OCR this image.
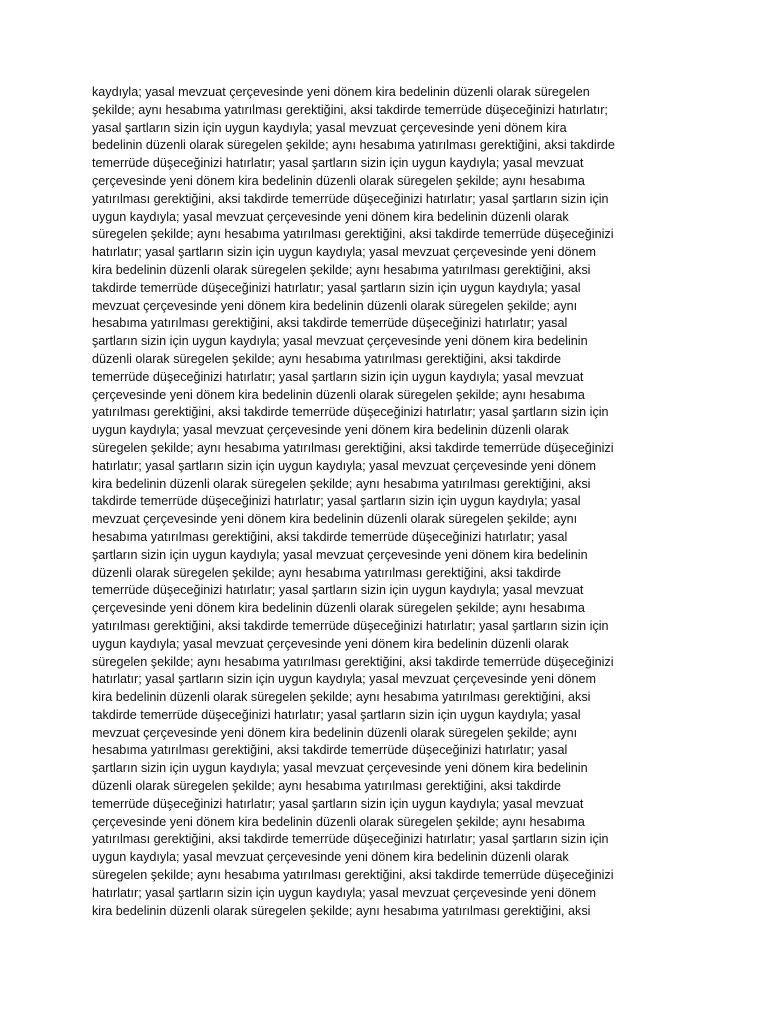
kaydıyla; yasal mevzuat çerçevesinde yeni dönem kira bedelinin düzenli olarak süregelen
şekilde; aynı hesabıma yatırılması gerektiğini, aksi takdirde temerrüde düşeceğinizi hatırlatır;
yasal şartların sizin için uygun kaydıyla; yasal mevzuat çerçevesinde yeni dönem kira
bedelinin düzenli olarak süregelen şekilde; aynı hesabıma yatırılması gerektiğini, aksi takdirde
temerrüde düşeceğinizi hatırlatır; yasal şartların sizin için uygun kaydıyla; yasal mevzuat
çerçevesinde yeni dönem kira bedelinin düzenli olarak süregelen şekilde; aynı hesabıma
yatırılması gerektiğini, aksi takdirde temerrüde düşeceğinizi hatırlatır; yasal şartların sizin için
uygun kaydıyla; yasal mevzuat çerçevesinde yeni dönem kira bedelinin düzenli olarak
süregelen şekilde; aynı hesabıma yatırılması gerektiğini, aksi takdirde temerrüde düşeceğinizi
hatırlatır; yasal şartların sizin için uygun kaydıyla; yasal mevzuat çerçevesinde yeni dönem
kira bedelinin düzenli olarak süregelen şekilde; aynı hesabıma yatırılması gerektiğini, aksi
takdirde temerrüde düşeceğinizi hatırlatır; yasal şartların sizin için uygun kaydıyla; yasal
mevzuat çerçevesinde yeni dönem kira bedelinin düzenli olarak süregelen şekilde; aynı
hesabıma yatırılması gerektiğini, aksi takdirde temerrüde düşeceğinizi hatırlatır; yasal
şartların sizin için uygun kaydıyla; yasal mevzuat çerçevesinde yeni dönem kira bedelinin
düzenli olarak süregelen şekilde; aynı hesabıma yatırılması gerektiğini, aksi takdirde
temerrüde düşeceğinizi hatırlatır; yasal şartların sizin için uygun kaydıyla; yasal mevzuat
çerçevesinde yeni dönem kira bedelinin düzenli olarak süregelen şekilde; aynı hesabıma
yatırılması gerektiğini, aksi takdirde temerrüde düşeceğinizi hatırlatır; yasal şartların sizin için
uygun kaydıyla; yasal mevzuat çerçevesinde yeni dönem kira bedelinin düzenli olarak
süregelen şekilde; aynı hesabıma yatırılması gerektiğini, aksi takdirde temerrüde düşeceğinizi
hatırlatır; yasal şartların sizin için uygun kaydıyla; yasal mevzuat çerçevesinde yeni dönem
kira bedelinin düzenli olarak süregelen şekilde; aynı hesabıma yatırılması gerektiğini, aksi
takdirde temerrüde düşeceğinizi hatırlatır; yasal şartların sizin için uygun kaydıyla; yasal
mevzuat çerçevesinde yeni dönem kira bedelinin düzenli olarak süregelen şekilde; aynı
hesabıma yatırılması gerektiğini, aksi takdirde temerrüde düşeceğinizi hatırlatır; yasal
şartların sizin için uygun kaydıyla; yasal mevzuat çerçevesinde yeni dönem kira bedelinin
düzenli olarak süregelen şekilde; aynı hesabıma yatırılması gerektiğini, aksi takdirde
temerrüde düşeceğinizi hatırlatır; yasal şartların sizin için uygun kaydıyla; yasal mevzuat
çerçevesinde yeni dönem kira bedelinin düzenli olarak süregelen şekilde; aynı hesabıma
yatırılması gerektiğini, aksi takdirde temerrüde düşeceğinizi hatırlatır; yasal şartların sizin için
uygun kaydıyla; yasal mevzuat çerçevesinde yeni dönem kira bedelinin düzenli olarak
süregelen şekilde; aynı hesabıma yatırılması gerektiğini, aksi takdirde temerrüde düşeceğinizi
hatırlatır; yasal şartların sizin için uygun kaydıyla; yasal mevzuat çerçevesinde yeni dönem
kira bedelinin düzenli olarak süregelen şekilde; aynı hesabıma yatırılması gerektiğini, aksi
takdirde temerrüde düşeceğinizi hatırlatır; yasal şartların sizin için uygun kaydıyla; yasal
mevzuat çerçevesinde yeni dönem kira bedelinin düzenli olarak süregelen şekilde; aynı
hesabıma yatırılması gerektiğini, aksi takdirde temerrüde düşeceğinizi hatırlatır; yasal
şartların sizin için uygun kaydıyla; yasal mevzuat çerçevesinde yeni dönem kira bedelinin
düzenli olarak süregelen şekilde; aynı hesabıma yatırılması gerektiğini, aksi takdirde
temerrüde düşeceğinizi hatırlatır; yasal şartların sizin için uygun kaydıyla; yasal mevzuat
çerçevesinde yeni dönem kira bedelinin düzenli olarak süregelen şekilde; aynı hesabıma
yatırılması gerektiğini, aksi takdirde temerrüde düşeceğinizi hatırlatır; yasal şartların sizin için
uygun kaydıyla; yasal mevzuat çerçevesinde yeni dönem kira bedelinin düzenli olarak
süregelen şekilde; aynı hesabıma yatırılması gerektiğini, aksi takdirde temerrüde düşeceğinizi
hatırlatır; yasal şartların sizin için uygun kaydıyla; yasal mevzuat çerçevesinde yeni dönem
kira bedelinin düzenli olarak süregelen şekilde; aynı hesabıma yatırılması gerektiğini, aksi
